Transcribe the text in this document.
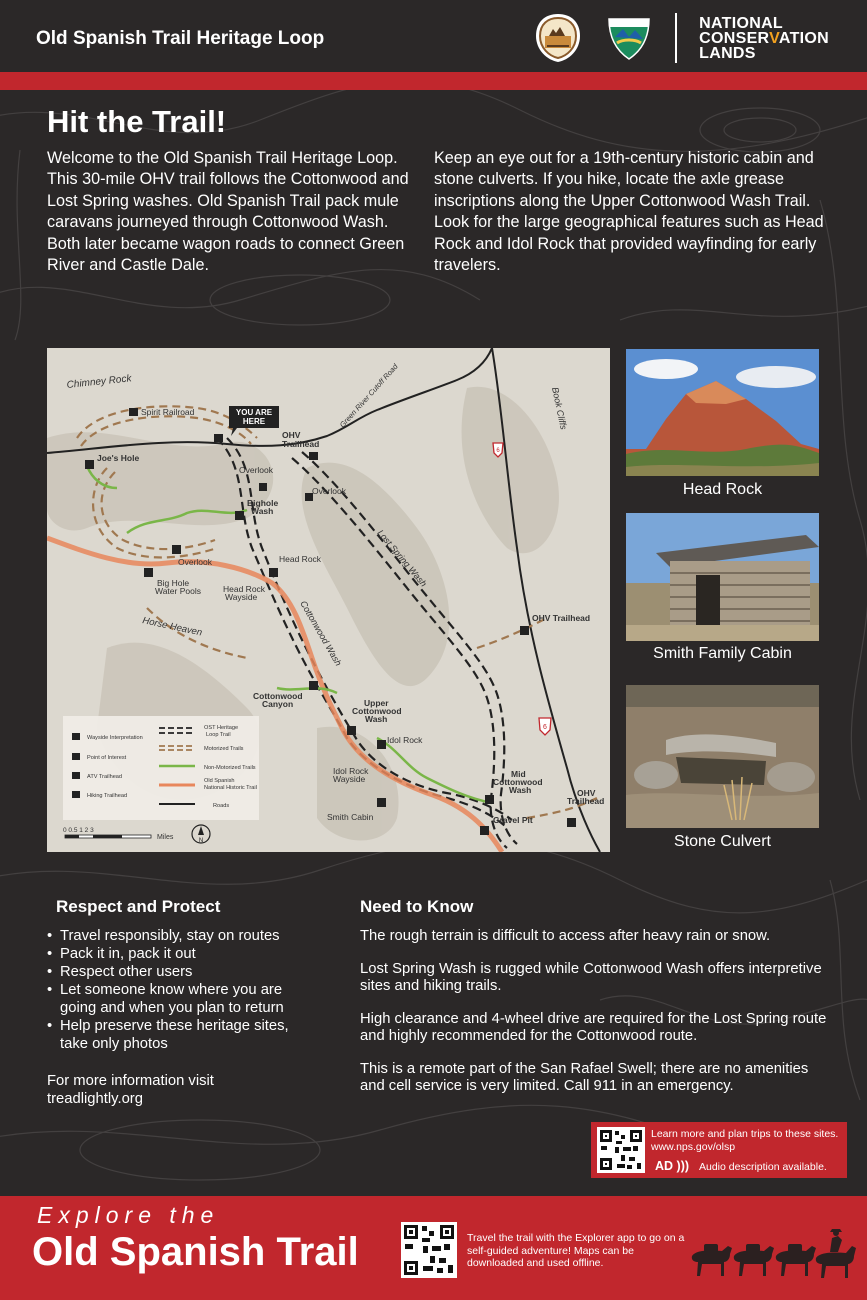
Old Spanish Trail Heritage Loop
NATIONAL
CONSERVATION
LANDS
Hit the Trail!
Welcome to the Old Spanish Trail Heritage Loop. This 30-mile OHV trail follows the Cottonwood and Lost Spring washes. Old Spanish Trail pack mule caravans journeyed through Cottonwood Wash. Both later became wagon roads to connect Green River and Castle Dale.
Keep an eye out for a 19th-century historic cabin and stone culverts. If you hike, locate the axle grease inscriptions along the Upper Cottonwood Wash Trail. Look for the large geographical features such as Head Rock and Idol Rock that provided wayfinding for early travelers.
YOU ARE
HERE
6
6
Chimney Rock
Spirit Railroad
OHV
Trailhead
Green River Cutoff Road	Book Cliffs
Joe's Hole
Overlook
Overlook
Bighole
Wash
Overlook	Head Rock
Head Rock
Wayside
Big Hole
Water Pools
Horse Heaven
Lost Spring Wash
Cottonwood Wash	OHV Trailhead
Cottonwood
Canyon	Upper
Cottonwood
Wash
Idol Rock
Idol Rock
Wayside	Mid
Cottonwood
Wash	OHV
Trailhead
Smith Cabin	Gravel Pit
Wayside Interpretation
Point of Interest
ATV Trailhead
Hiking Trailhead
OST Heritage
Loop Trail
Motorized Trails
Non-Motorized Trails
Old Spanish
National Historic Trail
Roads
0 0.5 1 2 3
Miles	N
Head Rock
Smith Family Cabin
Stone Culvert
Respect and Protect
• Travel responsibly, stay on routes
• Pack it in, pack it out
• Respect other users
• Let someone know where you are going and when you plan to return
• Help preserve these heritage sites, take only photos
For more information visit
treadlightly.org
Need to Know

The rough terrain is difficult to access after heavy rain or snow.

Lost Spring Wash is rugged while Cottonwood Wash offers interpretive sites and hiking trails.

High clearance and 4-wheel drive are required for the Lost Spring route and highly recommended for the Cottonwood route.

This is a remote part of the San Rafael Swell; there are no amenities and cell service is very limited. Call 911 in an emergency.

Learn more and plan trips to these sites.
www.nps.gov/olsp
AD ))) Audio description available.
Explore the
Old Spanish Trail	Travel the trail with the Explorer app to go on a self-guided adventure! Maps can be downloaded and used offline.
